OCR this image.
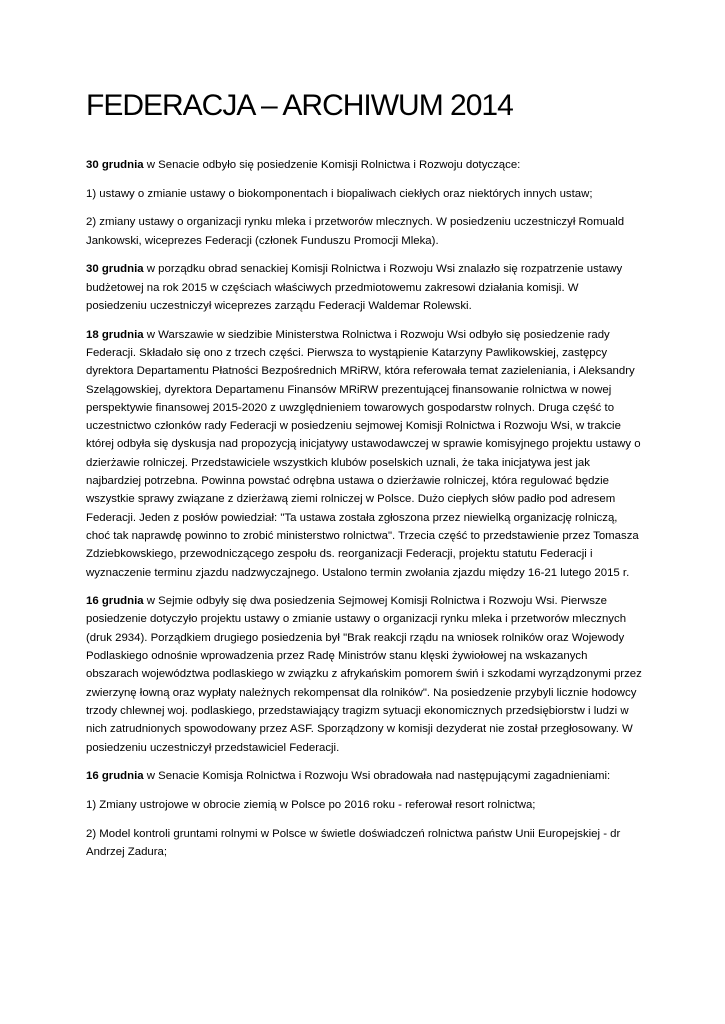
FEDERACJA – ARCHIWUM 2014

30 grudnia w Senacie odbyło się posiedzenie Komisji Rolnictwa i Rozwoju dotyczące:

1) ustawy o zmianie ustawy o biokomponentach i biopaliwach ciekłych oraz niektórych innych ustaw;

2) zmiany ustawy o organizacji rynku mleka i przetworów mlecznych. W posiedzeniu uczestniczył Romuald Jankowski, wiceprezes Federacji (członek Funduszu Promocji Mleka).

30 grudnia w porządku obrad senackiej Komisji Rolnictwa i Rozwoju Wsi znalazło się rozpatrzenie ustawy budżetowej na rok 2015 w częściach właściwych przedmiotowemu zakresowi działania komisji. W posiedzeniu uczestniczył wiceprezes zarządu Federacji Waldemar Rolewski.

18 grudnia w Warszawie w siedzibie Ministerstwa Rolnictwa i Rozwoju Wsi odbyło się posiedzenie rady Federacji. Składało się ono z trzech części. Pierwsza to wystąpienie Katarzyny Pawlikowskiej, zastępcy dyrektora Departamentu Płatności Bezpośrednich MRiRW, która referowała temat zazieleniania, i Aleksandry Szelągowskiej, dyrektora Departamenu Finansów MRiRW prezentującej finansowanie rolnictwa w nowej perspektywie finansowej 2015-2020 z uwzględnieniem towarowych gospodarstw rolnych. Druga część to uczestnictwo członków rady Federacji w posiedzeniu sejmowej Komisji Rolnictwa i Rozwoju Wsi, w trakcie której odbyła się dyskusja nad propozycją inicjatywy ustawodawczej w sprawie komisyjnego projektu ustawy o dzierżawie rolniczej. Przedstawiciele wszystkich klubów poselskich uznali, że taka inicjatywa jest jak najbardziej potrzebna. Powinna powstać odrębna ustawa o dzierżawie rolniczej, która regulować będzie wszystkie sprawy związane z dzierżawą ziemi rolniczej w Polsce. Dużo ciepłych słów padło pod adresem Federacji. Jeden z posłów powiedział: "Ta ustawa została zgłoszona przez niewielką organizację rolniczą, choć tak naprawdę powinno to zrobić ministerstwo rolnictwa". Trzecia część to przedstawienie przez Tomasza Zdziebkowskiego, przewodniczącego zespołu ds. reorganizacji Federacji, projektu statutu Federacji i wyznaczenie terminu zjazdu nadzwyczajnego. Ustalono termin zwołania zjazdu między 16-21 lutego 2015 r.

16 grudnia w Sejmie odbyły się dwa posiedzenia Sejmowej Komisji Rolnictwa i Rozwoju Wsi. Pierwsze posiedzenie dotyczyło projektu ustawy o zmianie ustawy o organizacji rynku mleka i przetworów mlecznych (druk 2934). Porządkiem drugiego posiedzenia był "Brak reakcji rządu na wniosek rolników oraz Wojewody Podlaskiego odnośnie wprowadzenia przez Radę Ministrów stanu klęski żywiołowej na wskazanych obszarach województwa podlaskiego w związku z afrykańskim pomorem świń i szkodami wyrządzonymi przez zwierzynę łowną oraz wypłaty należnych rekompensat dla rolników". Na posiedzenie przybyli licznie hodowcy trzody chlewnej woj. podlaskiego, przedstawiający tragizm sytuacji ekonomicznych przedsiębiorstw i ludzi w nich zatrudnionych spowodowany przez ASF. Sporządzony w komisji dezyderat nie został przegłosowany. W posiedzeniu uczestniczył przedstawiciel Federacji.

16 grudnia w Senacie Komisja Rolnictwa i Rozwoju Wsi obradowała nad następującymi zagadnieniami:

1) Zmiany ustrojowe w obrocie ziemią w Polsce po 2016 roku - referował resort rolnictwa;

2) Model kontroli gruntami rolnymi w Polsce w świetle doświadczeń rolnictwa państw Unii Europejskiej - dr Andrzej Zadura;
